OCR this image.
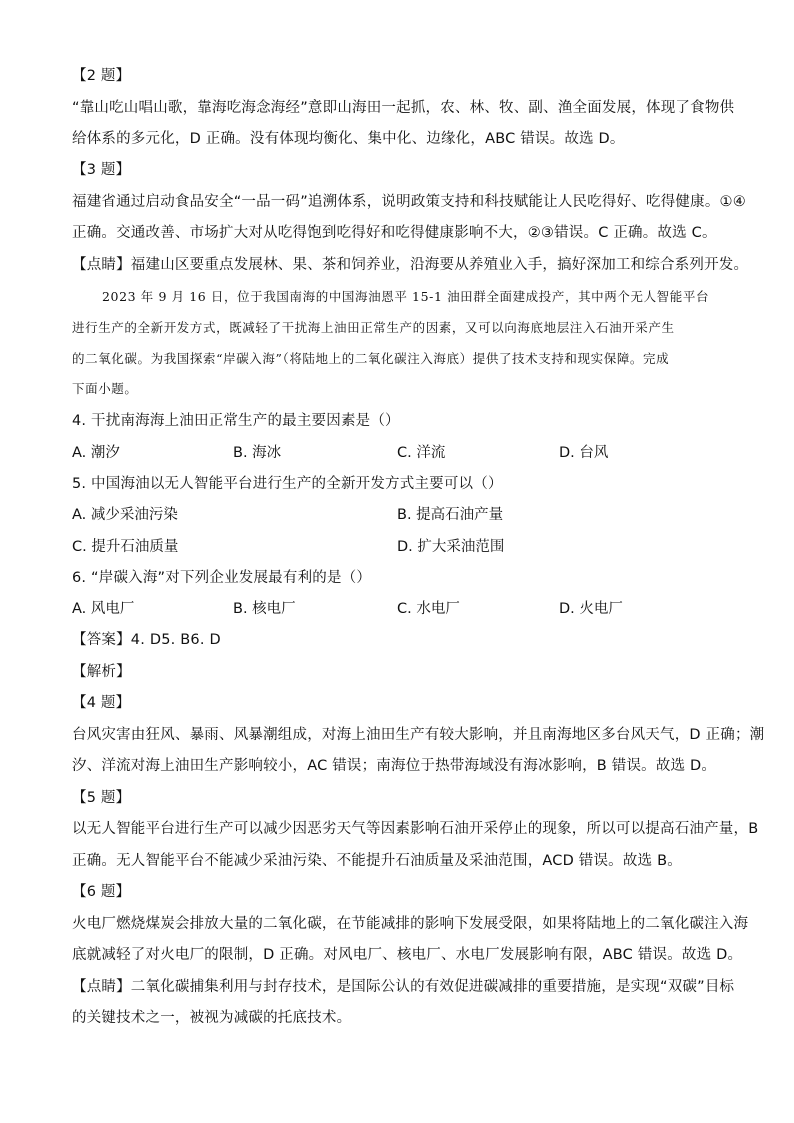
【2 题】
“靠山吃山唱山歌，靠海吃海念海经”意即山海田一起抓，农、林、牧、副、渔全面发展，体现了食物供
给体系的多元化，D 正确。没有体现均衡化、集中化、边缘化，ABC 错误。故选 D。
【3 题】
福建省通过启动食品安全“一品一码”追溯体系，说明政策支持和科技赋能让人民吃得好、吃得健康。①④
正确。交通改善、市场扩大对从吃得饱到吃得好和吃得健康影响不大，②③错误。C 正确。故选 C。
【点睛】福建山区要重点发展林、果、茶和饲养业，沿海要从养殖业入手，搞好深加工和综合系列开发。
2023 年 9 月 16 日，位于我国南海的中国海油恩平 15-1 油田群全面建成投产，其中两个无人智能平台
进行生产的全新开发方式，既减轻了干扰海上油田正常生产的因素，又可以向海底地层注入石油开采产生
的二氧化碳。为我国探索“岸碳入海”（将陆地上的二氧化碳注入海底）提供了技术支持和现实保障。完成
下面小题。
4. 干扰南海海上油田正常生产的最主要因素是（）
A. 潮汐	B. 海冰	C. 洋流	D. 台风
5. 中国海油以无人智能平台进行生产的全新开发方式主要可以（）
A. 减少采油污染	B. 提高石油产量
C. 提升石油质量	D. 扩大采油范围
6. “岸碳入海”对下列企业发展最有利的是（）
A. 风电厂	B. 核电厂	C. 水电厂	D. 火电厂
【答案】4. D5. B6. D
【解析】
【4 题】
台风灾害由狂风、暴雨、风暴潮组成，对海上油田生产有较大影响，并且南海地区多台风天气，D 正确；潮
汐、洋流对海上油田生产影响较小，AC 错误；南海位于热带海域没有海冰影响，B 错误。故选 D。
【5 题】
以无人智能平台进行生产可以减少因恶劣天气等因素影响石油开采停止的现象，所以可以提高石油产量，B
正确。无人智能平台不能减少采油污染、不能提升石油质量及采油范围，ACD 错误。故选 B。
【6 题】
火电厂燃烧煤炭会排放大量的二氧化碳，在节能减排的影响下发展受限，如果将陆地上的二氧化碳注入海
底就减轻了对火电厂的限制，D 正确。对风电厂、核电厂、水电厂发展影响有限，ABC 错误。故选 D。
【点睛】二氧化碳捕集利用与封存技术，是国际公认的有效促进碳减排的重要措施，是实现“双碳”目标
的关键技术之一，被视为减碳的托底技术。
